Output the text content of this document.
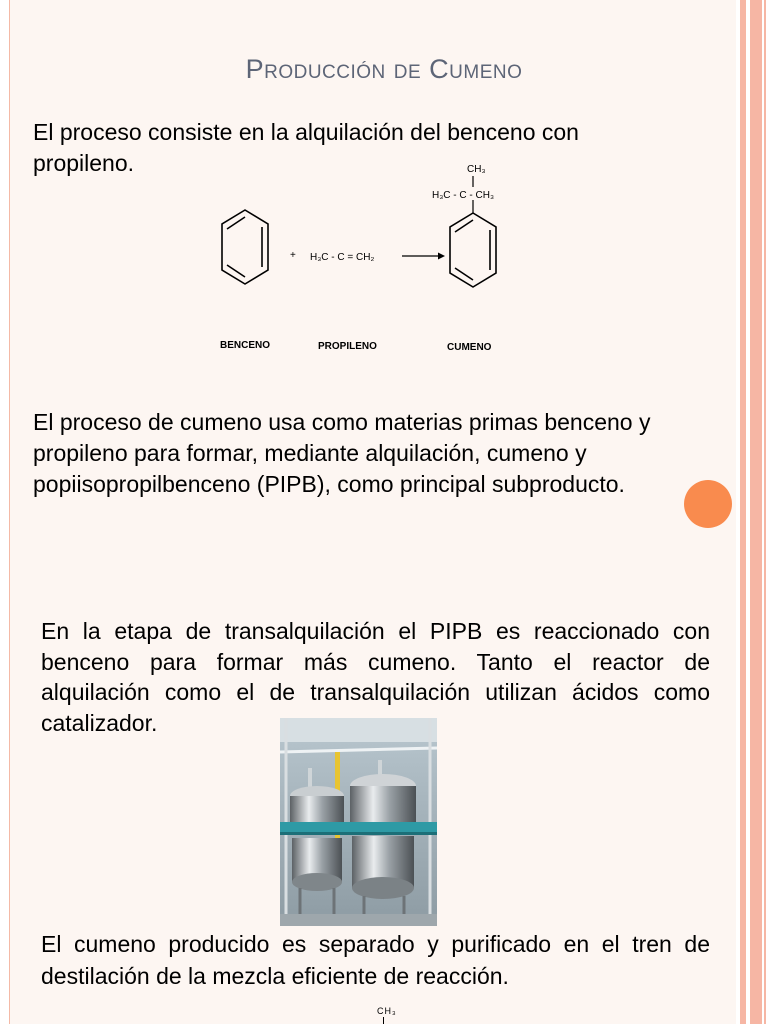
Producción de Cumeno
El proceso consiste en la alquilación del benceno con propileno.
+ H₃C - C = CH₂
CH₃
H₃C - C - CH₃
BENCENO	PROPILENO	CUMENO
El proceso de cumeno usa como materias primas benceno y propileno para formar, mediante alquilación, cumeno y popiisopropilbenceno (PIPB), como principal subproducto.
En la etapa de transalquilación el PIPB es reaccionado con benceno para formar más cumeno. Tanto el reactor de alquilación como el de transalquilación utilizan ácidos como catalizador.
El cumeno producido es separado y purificado en el tren de destilación de la mezcla eficiente de reacción.
CH₃
